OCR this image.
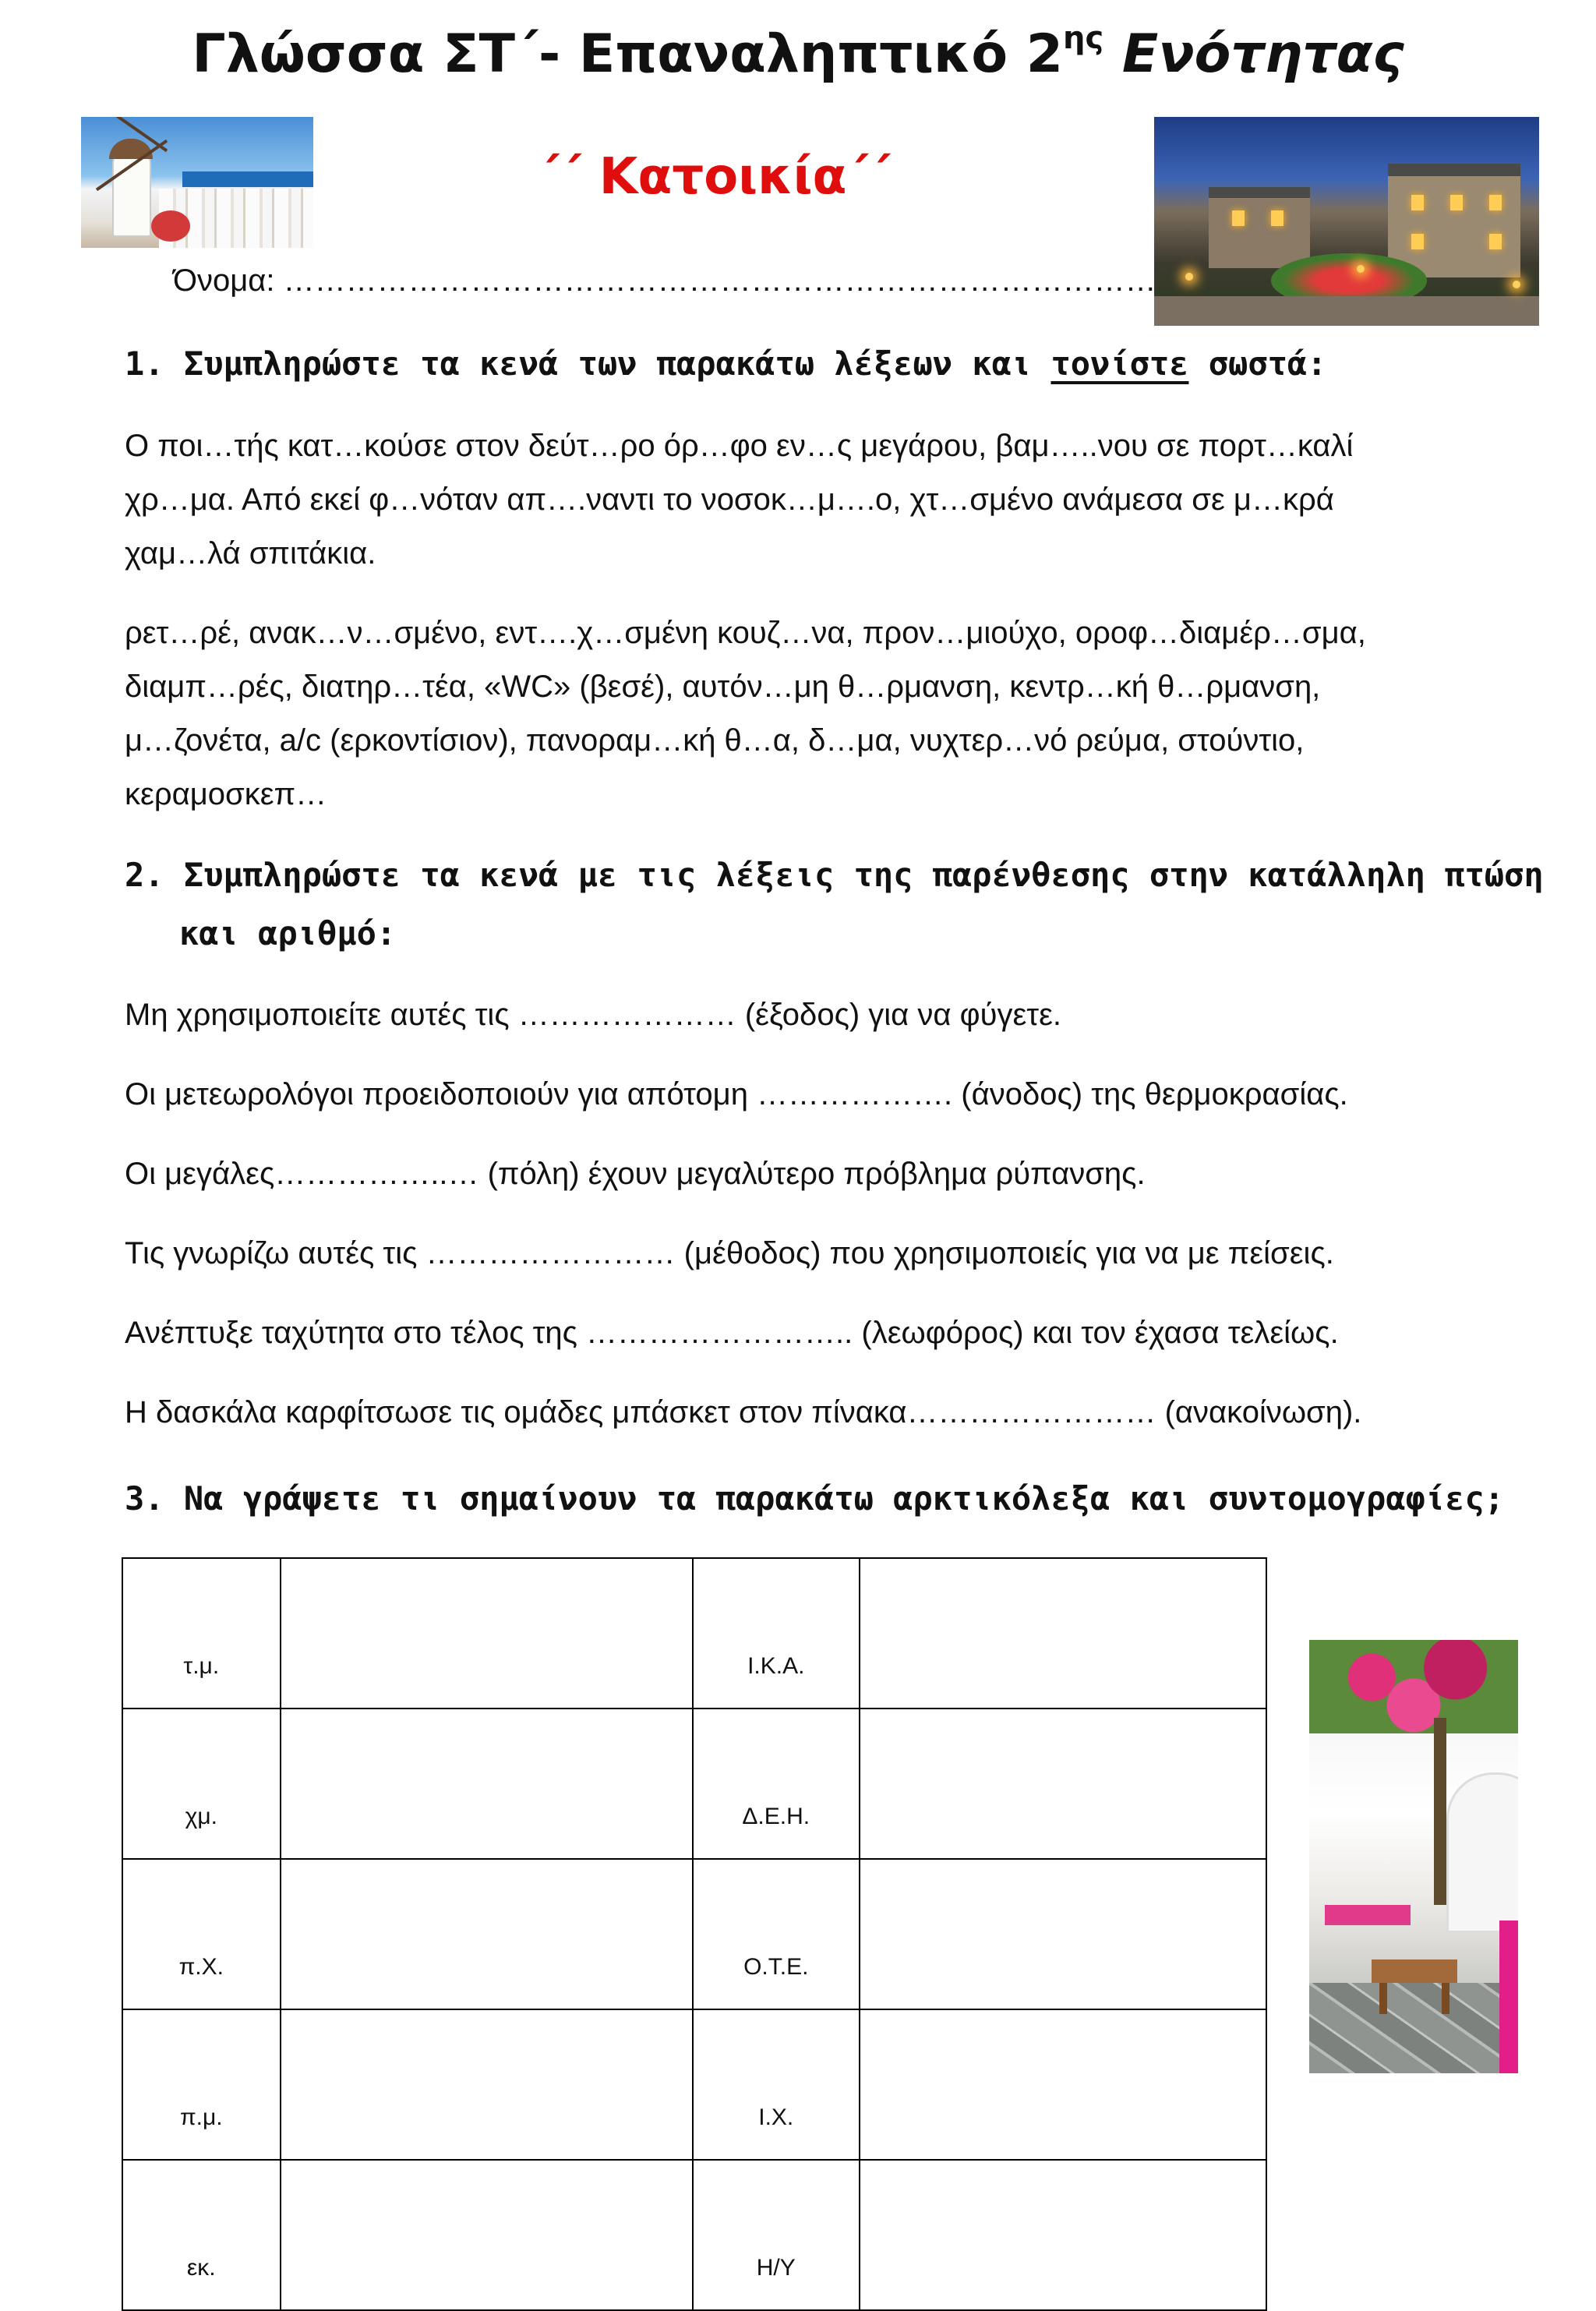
Γλώσσα ΣΤ΄- Επαναληπτικό $2^{\eta\varsigma}$ Ενότητας
΄΄ Κατοικία΄΄
Όνομα: …………………………………………………………………………
1. Συμπληρώστε τα κενά των παρακάτω λέξεων και τονίστε σωστά:
Ο ποι…τής κατ…κούσε στον δεύτ…ρο όρ…φο εν…ς μεγάρου, βαμ…..νου σε πορτ…καλί
χρ…μα. Από εκεί φ…νόταν απ….ναντι το νοσοκ…μ….ο, χτ…σμένο ανάμεσα σε μ…κρά
χαμ…λά σπιτάκια.
ρετ…ρέ, ανακ…ν…σμένο, εντ….χ…σμένη κουζ…να, προν…μιούχο, οροφ…διαμέρ…σμα,
διαμπ…ρές, διατηρ…τέα, «WC» (βεσέ), αυτόν…μη θ…ρμανση, κεντρ…κή θ…ρμανση,
μ…ζονέτα, a/c (ερκοντίσιον), πανοραμ…κή θ…α, δ…μα, νυχτερ…νό ρεύμα, στούντιο,
κεραμοσκεπ…
2. Συμπληρώστε τα κενά με τις λέξεις της παρένθεσης στην κατάλληλη πτώση
και αριθμό:
Μη χρησιμοποιείτε αυτές τις ………………… (έξοδος) για να φύγετε.
Οι μετεωρολόγοι προειδοποιούν για απότομη ………………. (άνοδος) της θερμοκρασίας.
Οι μεγάλες……………..… (πόλη) έχουν μεγαλύτερο πρόβλημα ρύπανσης.
Τις γνωρίζω αυτές τις …………………… (μέθοδος) που χρησιμοποιείς για να με πείσεις.
Ανέπτυξε ταχύτητα στο τέλος της …………………….. (λεωφόρος) και τον έχασα τελείως.
Η δασκάλα καρφίτσωσε τις ομάδες μπάσκετ στον πίνακα…………………… (ανακοίνωση).
3. Να γράψετε τι σημαίνουν τα παρακάτω αρκτικόλεξα και συντομογραφίες;
τ.μ.		Ι.Κ.Α.	
χμ.		Δ.Ε.Η.	
π.Χ.		Ο.Τ.Ε.	
π.μ.		Ι.Χ.	
εκ.		Η/Υ	
